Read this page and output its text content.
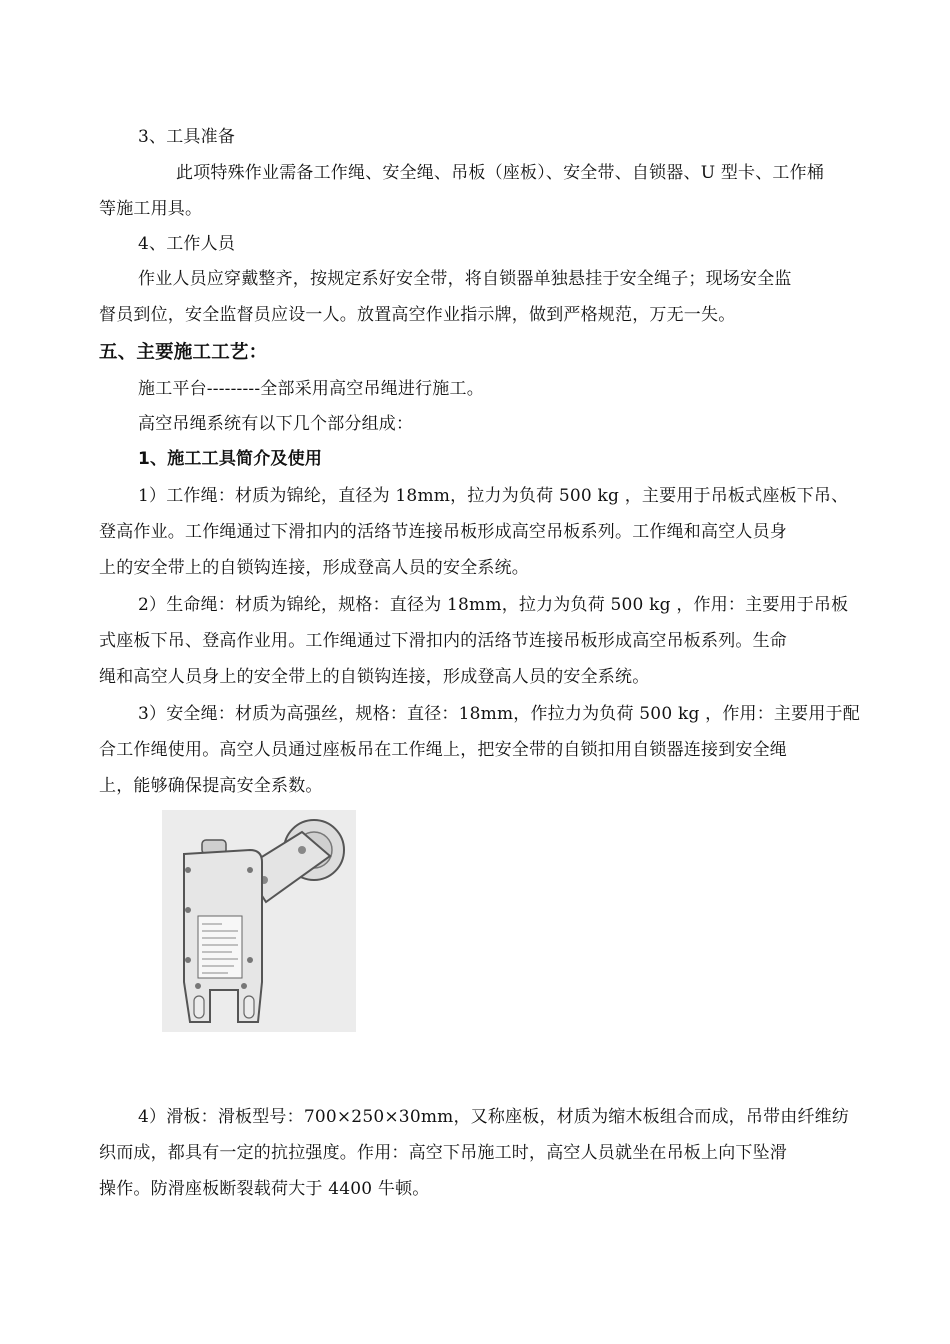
3、工具准备
此项特殊作业需备工作绳、安全绳、吊板（座板）、安全带、自锁器、U 型卡、工作桶
等施工用具。
4、工作人员
作业人员应穿戴整齐，按规定系好安全带，将自锁器单独悬挂于安全绳子；现场安全监
督员到位，安全监督员应设一人。放置高空作业指示牌，做到严格规范，万无一失。
五、主要施工工艺：
施工平台---------全部采用高空吊绳进行施工。
高空吊绳系统有以下几个部分组成：
1、施工工具简介及使用
1）工作绳：材质为锦纶，直径为 18mm，拉力为负荷 500 kg ，主要用于吊板式座板下吊、
登高作业。工作绳通过下滑扣内的活络节连接吊板形成高空吊板系列。工作绳和高空人员身
上的安全带上的自锁钩连接，形成登高人员的安全系统。
2）生命绳：材质为锦纶，规格：直径为 18mm，拉力为负荷 500 kg ，作用：主要用于吊板
式座板下吊、登高作业用。工作绳通过下滑扣内的活络节连接吊板形成高空吊板系列。生命
绳和高空人员身上的安全带上的自锁钩连接，形成登高人员的安全系统。
3）安全绳：材质为高强丝，规格：直径：18mm，作拉力为负荷 500 kg ，作用：主要用于配
合工作绳使用。高空人员通过座板吊在工作绳上，把安全带的自锁扣用自锁器连接到安全绳
上，能够确保提高安全系数。
4）滑板：滑板型号：700×250×30mm，又称座板，材质为缩木板组合而成，吊带由纤维纺
织而成，都具有一定的抗拉强度。作用：高空下吊施工时，高空人员就坐在吊板上向下坠滑
操作。防滑座板断裂载荷大于 4400 牛顿。
